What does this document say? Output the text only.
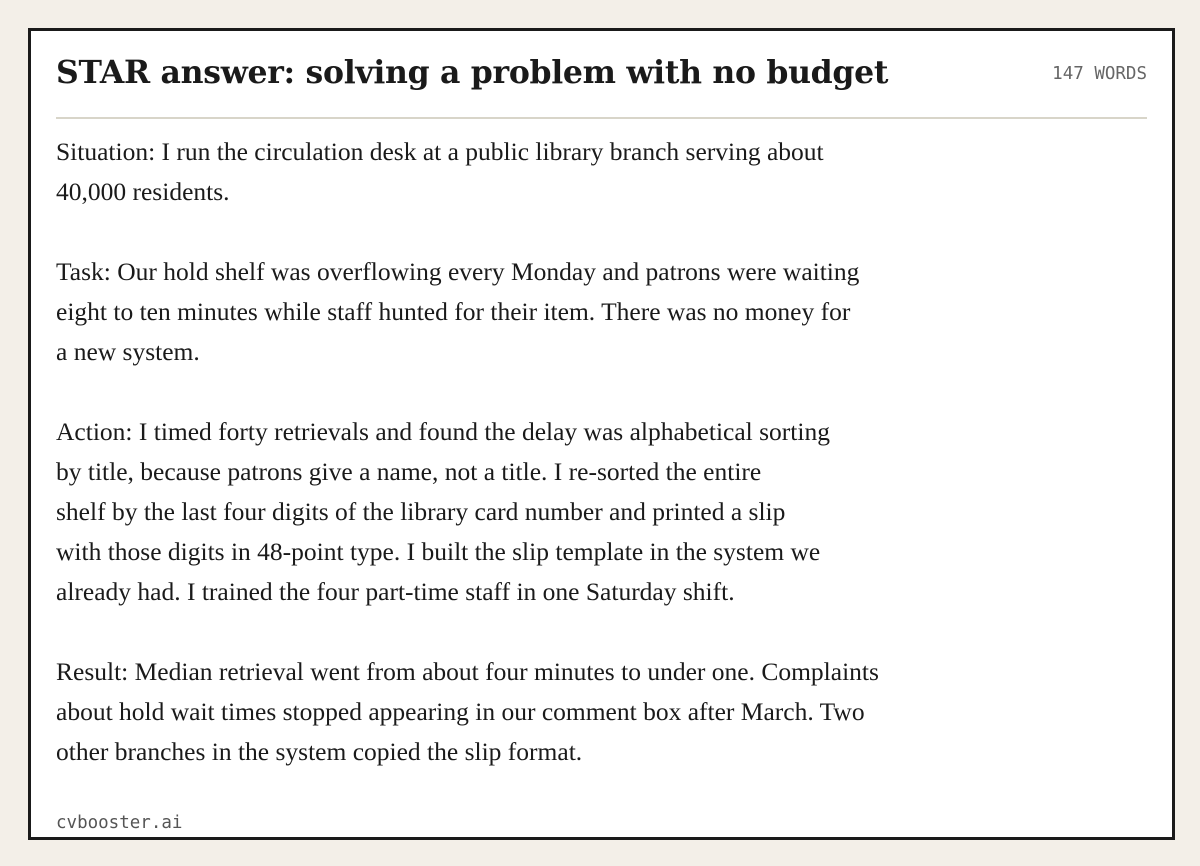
STAR answer: solving a problem with no budget	147 WORDS

Situation: I run the circulation desk at a public library branch serving about
40,000 residents.

Task: Our hold shelf was overflowing every Monday and patrons were waiting
eight to ten minutes while staff hunted for their item. There was no money for
a new system.

Action: I timed forty retrievals and found the delay was alphabetical sorting
by title, because patrons give a name, not a title. I re-sorted the entire
shelf by the last four digits of the library card number and printed a slip
with those digits in 48-point type. I built the slip template in the system we
already had. I trained the four part-time staff in one Saturday shift.

Result: Median retrieval went from about four minutes to under one. Complaints
about hold wait times stopped appearing in our comment box after March. Two
other branches in the system copied the slip format.

cvbooster.ai
